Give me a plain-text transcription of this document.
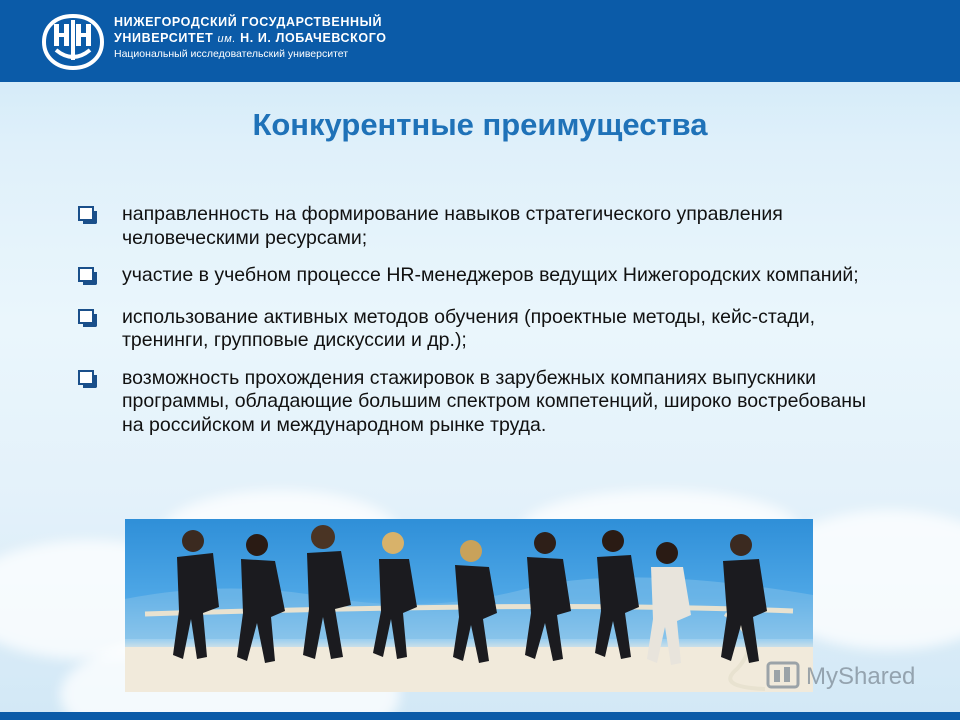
НИЖЕГОРОДСКИЙ ГОСУДАРСТВЕННЫЙ
УНИВЕРСИТЕТ им. Н. И. ЛОБАЧЕВСКОГО
Национальный исследовательский университет
Конкурентные преимущества
направленность на формирование навыков стратегического управления человеческими ресурсами;
участие в учебном процессе HR-менеджеров ведущих Нижегородских компаний;
использование активных методов обучения (проектные методы, кейс-стади, тренинги, групповые дискуссии и др.);
возможность прохождения стажировок в зарубежных компаниях выпускники программы, обладающие большим спектром компетенций, широко востребованы на российском и международном рынке труда.
MyShared
